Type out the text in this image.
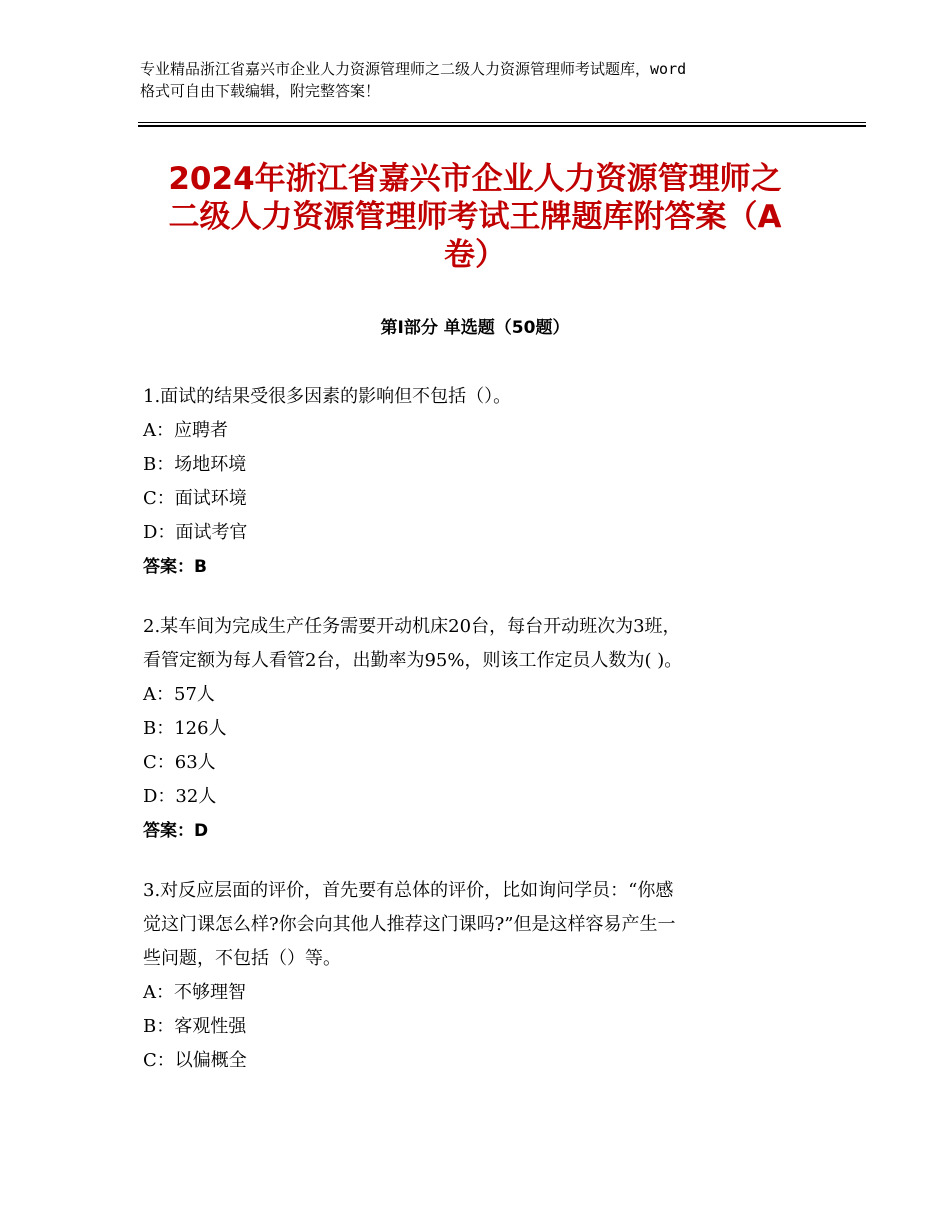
专业精品浙江省嘉兴市企业人力资源管理师之二级人力资源管理师考试题库，word
格式可自由下载编辑，附完整答案！
2024年浙江省嘉兴市企业人力资源管理师之
二级人力资源管理师考试王牌题库附答案（A
卷）
第Ⅰ部分 单选题（50题）
1.面试的结果受很多因素的影响但不包括（）。
A：应聘者
B：场地环境
C：面试环境
D：面试考官
答案：B
2.某车间为完成生产任务需要开动机床20台，每台开动班次为3班，
看管定额为每人看管2台，出勤率为95%，则该工作定员人数为( )。
A：57人
B：126人
C：63人
D：32人
答案：D
3.对反应层面的评价，首先要有总体的评价，比如询问学员：“你感
觉这门课怎么样?你会向其他人推荐这门课吗?”但是这样容易产生一
些问题，不包括（）等。
A：不够理智
B：客观性强
C：以偏概全
